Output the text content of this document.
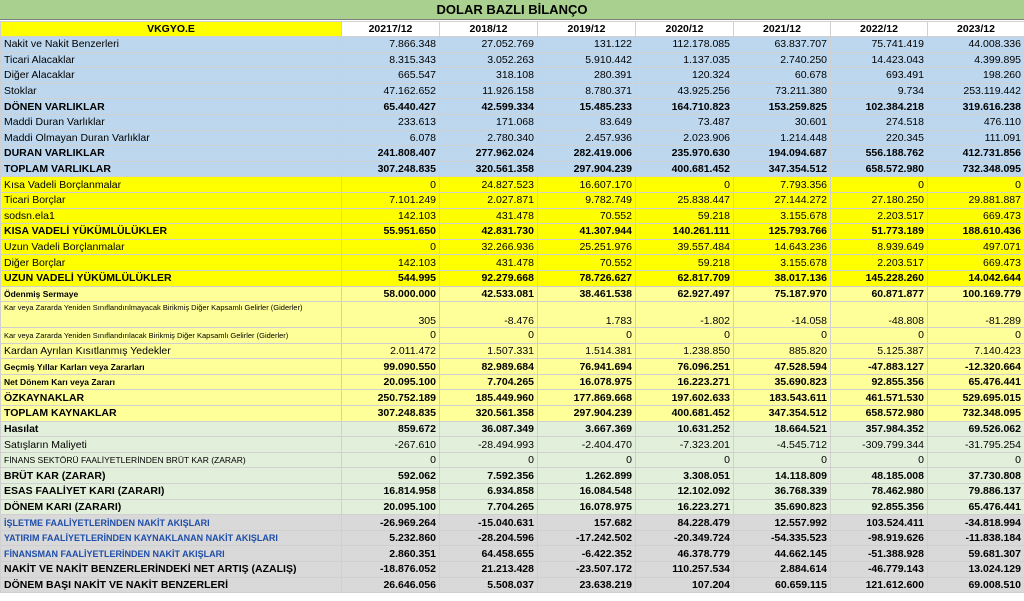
DOLAR BAZLI BİLANÇO
VKGYO.E	20217/12	2018/12	2019/12	2020/12	2021/12	2022/12	2023/12
Nakit ve Nakit Benzerleri	7.866.348	27.052.769	131.122	112.178.085	63.837.707	75.741.419	44.008.336
Ticari Alacaklar	8.315.343	3.052.263	5.910.442	1.137.035	2.740.250	14.423.043	4.399.895
Diğer Alacaklar	665.547	318.108	280.391	120.324	60.678	693.491	198.260
Stoklar	47.162.652	11.926.158	8.780.371	43.925.256	73.211.380	9.734	253.119.442
DÖNEN VARLIKLAR	65.440.427	42.599.334	15.485.233	164.710.823	153.259.825	102.384.218	319.616.238
Maddi Duran Varlıklar	233.613	171.068	83.649	73.487	30.601	274.518	476.110
Maddi Olmayan Duran Varlıklar	6.078	2.780.340	2.457.936	2.023.906	1.214.448	220.345	111.091
DURAN VARLIKLAR	241.808.407	277.962.024	282.419.006	235.970.630	194.094.687	556.188.762	412.731.856
TOPLAM VARLIKLAR	307.248.835	320.561.358	297.904.239	400.681.452	347.354.512	658.572.980	732.348.095
Kısa Vadeli Borçlanmalar	0	24.827.523	16.607.170	0	7.793.356	0	0
Ticari Borçlar	7.101.249	2.027.871	9.782.749	25.838.447	27.144.272	27.180.250	29.881.887
sodsn.ela1	142.103	431.478	70.552	59.218	3.155.678	2.203.517	669.473
KISA VADELİ YÜKÜMLÜLÜKLER	55.951.650	42.831.730	41.307.944	140.261.111	125.793.766	51.773.189	188.610.436
Uzun Vadeli Borçlanmalar	0	32.266.936	25.251.976	39.557.484	14.643.236	8.939.649	497.071
Diğer Borçlar	142.103	431.478	70.552	59.218	3.155.678	2.203.517	669.473
UZUN VADELİ YÜKÜMLÜLÜKLER	544.995	92.279.668	78.726.627	62.817.709	38.017.136	145.228.260	14.042.644
Ödenmiş Sermaye	58.000.000	42.533.081	38.461.538	62.927.497	75.187.970	60.871.877	100.169.779
Kar veya Zararda Yeniden Sınıflandırılmayacak Birikmiş Diğer Kapsamlı Gelirler (Giderler)	305	-8.476	1.783	-1.802	-14.058	-48.808	-81.289
Kar veya Zararda Yeniden Sınıflandırılacak Birikmiş Diğer Kapsamlı Gelirler (Giderler)	0	0	0	0	0	0	0
Kardan Ayrılan Kısıtlanmış Yedekler	2.011.472	1.507.331	1.514.381	1.238.850	885.820	5.125.387	7.140.423
Geçmiş Yıllar Karları veya Zararları	99.090.550	82.989.684	76.941.694	76.096.251	47.528.594	-47.883.127	-12.320.664
Net Dönem Karı veya Zararı	20.095.100	7.704.265	16.078.975	16.223.271	35.690.823	92.855.356	65.476.441
ÖZKAYNAKLAR	250.752.189	185.449.960	177.869.668	197.602.633	183.543.611	461.571.530	529.695.015
TOPLAM KAYNAKLAR	307.248.835	320.561.358	297.904.239	400.681.452	347.354.512	658.572.980	732.348.095
Hasılat	859.672	36.087.349	3.667.369	10.631.252	18.664.521	357.984.352	69.526.062
Satışların Maliyeti	-267.610	-28.494.993	-2.404.470	-7.323.201	-4.545.712	-309.799.344	-31.795.254
FİNANS SEKTÖRÜ FAALİYETLERİNDEN BRÜT KAR (ZARAR)	0	0	0	0	0	0	0
BRÜT KAR (ZARAR)	592.062	7.592.356	1.262.899	3.308.051	14.118.809	48.185.008	37.730.808
ESAS FAALİYET KARI (ZARARI)	16.814.958	6.934.858	16.084.548	12.102.092	36.768.339	78.462.980	79.886.137
DÖNEM KARI (ZARARI)	20.095.100	7.704.265	16.078.975	16.223.271	35.690.823	92.855.356	65.476.441
İŞLETME FAALİYETLERİNDEN NAKİT AKIŞLARI	-26.969.264	-15.040.631	157.682	84.228.479	12.557.992	103.524.411	-34.818.994
YATIRIM FAALİYETLERİNDEN KAYNAKLANAN NAKİT AKIŞLARI	5.232.860	-28.204.596	-17.242.502	-20.349.724	-54.335.523	-98.919.626	-11.838.184
FİNANSMAN FAALİYETLERİNDEN NAKİT AKIŞLARI	2.860.351	64.458.655	-6.422.352	46.378.779	44.662.145	-51.388.928	59.681.307
NAKİT VE NAKİT BENZERLERİNDEKİ NET ARTIŞ (AZALIŞ)	-18.876.052	21.213.428	-23.507.172	110.257.534	2.884.614	-46.779.143	13.024.129
DÖNEM BAŞI NAKİT VE NAKİT BENZERLERİ	26.646.056	5.508.037	23.638.219	107.204	60.659.115	121.612.600	69.008.510
